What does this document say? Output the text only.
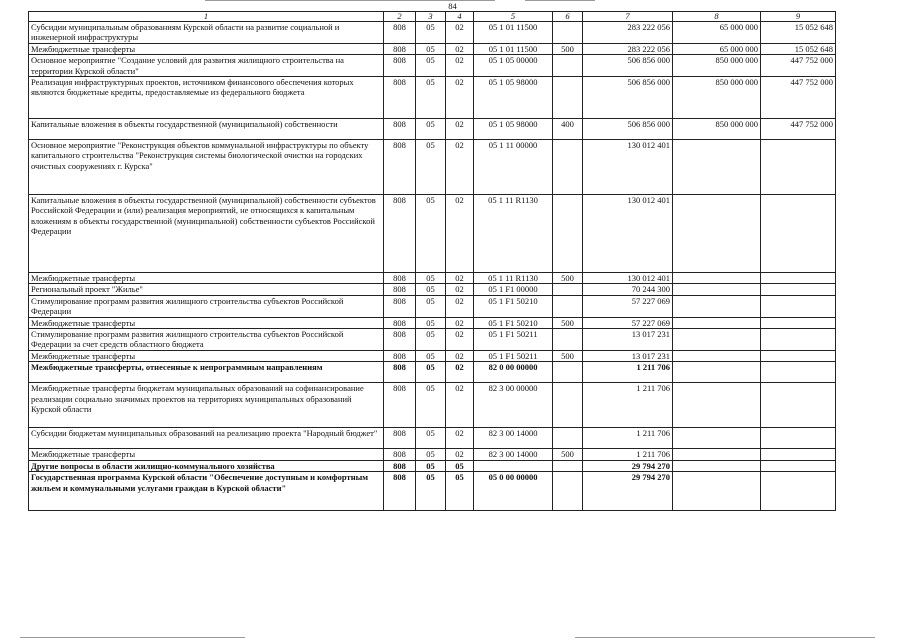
84
1	2	3	4	5	6	7	8	9
Субсидии муниципальным образованиям Курской области на развитие социальной и инженерной инфраструктуры	808	05	02	05 1 01 11500		283 222 056	65 000 000	15 052 648
Межбюджетные трансферты	808	05	02	05 1 01 11500	500	283 222 056	65 000 000	15 052 648
Основное мероприятие "Создание условий для развития жилищного строительства на территории Курской области"	808	05	02	05 1 05 00000		506 856 000	850 000 000	447 752 000
Реализация инфраструктурных проектов, источником финансового обеспечения которых являются бюджетные кредиты, предоставляемые из федерального бюджета	808	05	02	05 1 05 98000		506 856 000	850 000 000	447 752 000
Капитальные вложения в объекты государственной (муниципальной) собственности	808	05	02	05 1 05 98000	400	506 856 000	850 000 000	447 752 000
Основное мероприятие "Реконструкция объектов коммунальной инфраструктуры по объекту капитального строительства "Реконструкция системы биологической очистки на городских очистных сооружениях г. Курска"	808	05	02	05 1 11 00000		130 012 401		
Капитальные вложения в объекты государственной (муниципальной) собственности субъектов Российской Федерации и (или) реализация мероприятий, не относящихся к капитальным вложениям в объекты государственной (муниципальной) собственности субъектов Российской Федерации	808	05	02	05 1 11 R1130		130 012 401		
Межбюджетные трансферты	808	05	02	05 1 11 R1130	500	130 012 401		
Региональный проект "Жилье"	808	05	02	05 1 F1 00000		70 244 300		
Стимулирование программ развития жилищного строительства субъектов Российской Федерации	808	05	02	05 1 F1 50210		57 227 069		
Межбюджетные трансферты	808	05	02	05 1 F1 50210	500	57 227 069		
Стимулирование программ развития жилищного строительства субъектов Российской Федерации за счет средств областного бюджета	808	05	02	05 1 F1 50211		13 017 231		
Межбюджетные трансферты	808	05	02	05 1 F1 50211	500	13 017 231		
Межбюджетные трансферты, отнесенные к непрограммным направлениям	808	05	02	82 0 00 00000		1 211 706		
Межбюджетные трансферты бюджетам муниципальных образований на софинансирование реализации социально значимых проектов на территориях муниципальных образований Курской области	808	05	02	82 3 00 00000		1 211 706		
Субсидии бюджетам муниципальных образований на реализацию проекта "Народный бюджет"	808	05	02	82 3 00 14000		1 211 706		
Межбюджетные трансферты	808	05	02	82 3 00 14000	500	1 211 706		
Другие вопросы в области жилищно-коммунального хозяйства	808	05	05			29 794 270		
Государственная программа Курской области "Обеспечение доступным и комфортным жильем и коммунальными услугами граждан в Курской области"	808	05	05	05 0 00 00000		29 794 270		
